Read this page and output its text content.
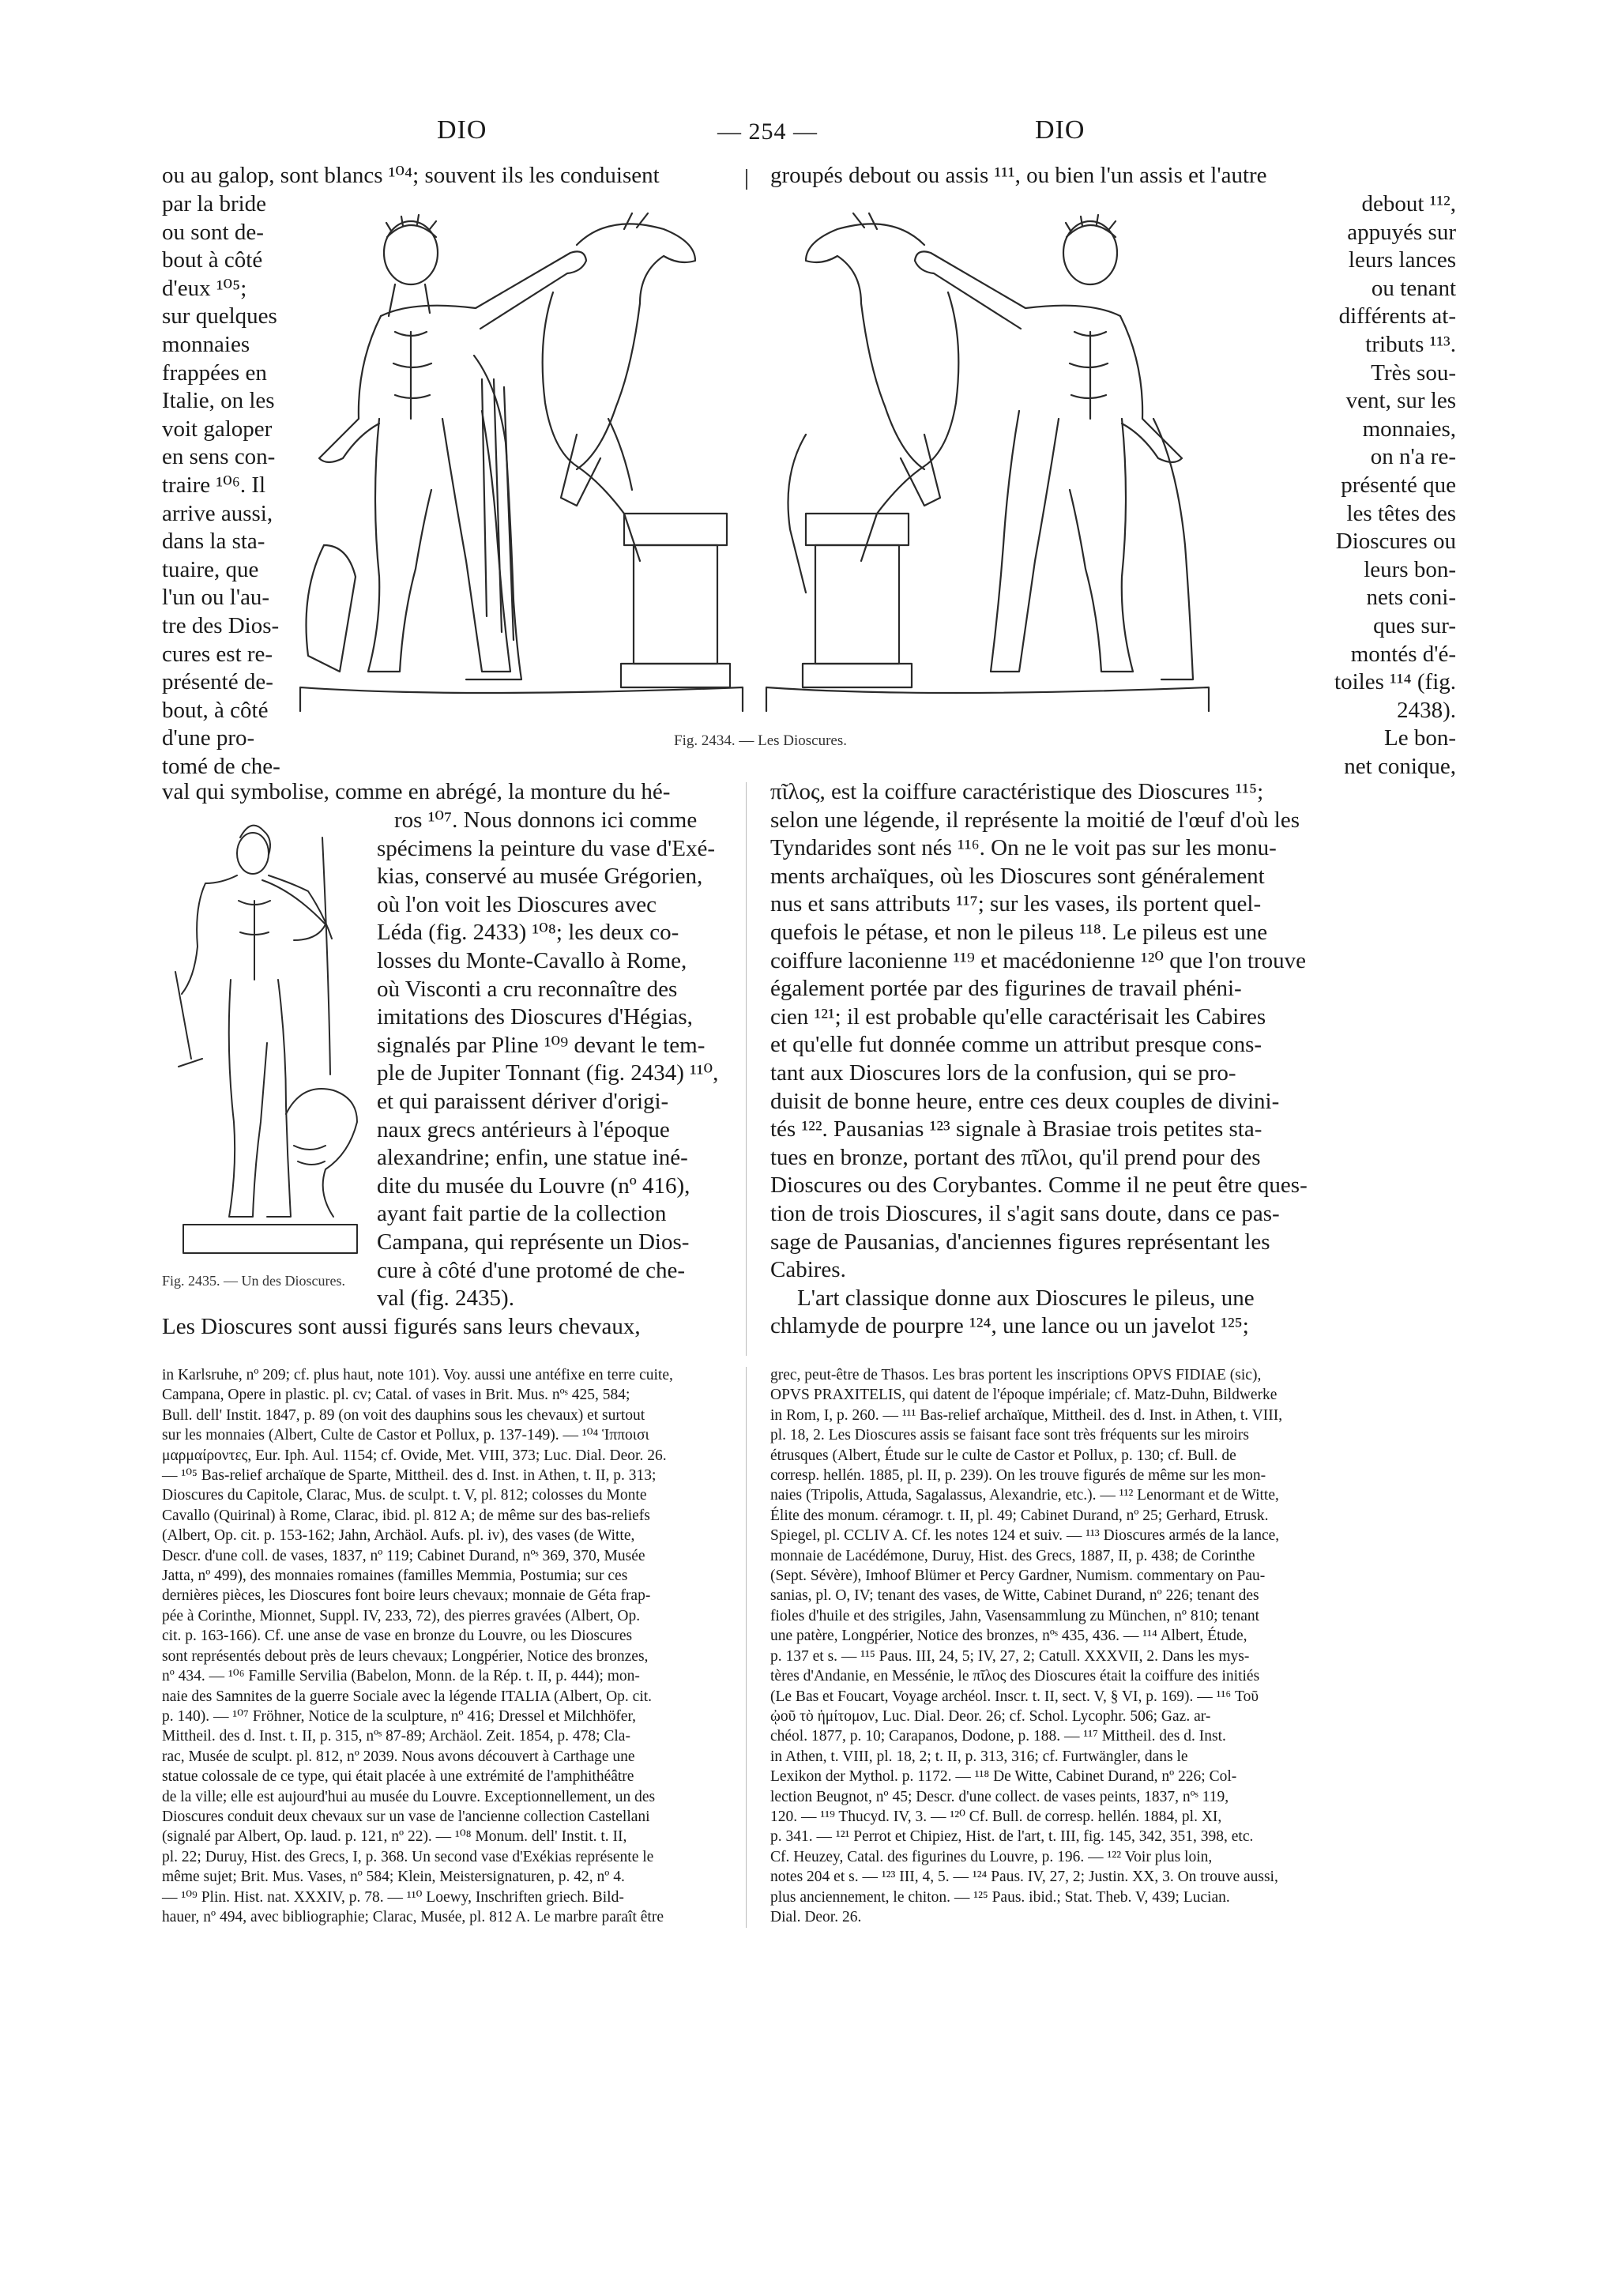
DIO	— 254 —	DIO
ou au galop, sont blancs ¹⁰⁴; souvent ils les conduisent	groupés debout ou assis ¹¹¹, ou bien l'un assis et l'autre
par la bride
ou sont de-
bout à côté
d'eux ¹⁰⁵;
sur quelques
monnaies
frappées en
Italie, on les
voit galoper
en sens con-
traire ¹⁰⁶. Il
arrive aussi,
dans la sta-
tuaire, que
l'un ou l'au-
tre des Dios-
cures est re-
présenté de-
bout, à côté
d'une pro-
tomé de che-
debout ¹¹²,
appuyés sur
leurs lances
ou tenant
différents at-
tributs ¹¹³.
Très sou-
vent, sur les
monnaies,
on n'a re-
présenté que
les têtes des
Dioscures ou
leurs bon-
nets coni-
ques sur-
montés d'é-
toiles ¹¹⁴ (fig.
2438).
Le bon-
net conique,
Fig. 2434. — Les Dioscures.
val qui symbolise, comme en abrégé, la monture du hé-
Fig. 2435. — Un des Dioscures.
ros ¹⁰⁷. Nous donnons ici comme
spécimens la peinture du vase d'Exé-
kias, conservé au musée Grégorien,
où l'on voit les Dioscures avec
Léda (fig. 2433) ¹⁰⁸; les deux co-
losses du Monte-Cavallo à Rome,
où Visconti a cru reconnaître des
imitations des Dioscures d'Hégias,
signalés par Pline ¹⁰⁹ devant le tem-
ple de Jupiter Tonnant (fig. 2434) ¹¹⁰,
et qui paraissent dériver d'origi-
naux grecs antérieurs à l'époque
alexandrine; enfin, une statue iné-
dite du musée du Louvre (nº 416),
ayant fait partie de la collection
Campana, qui représente un Dios-
cure à côté d'une protomé de che-
val (fig. 2435).
Les Dioscures sont aussi figurés sans leurs chevaux,
πῖλος, est la coiffure caractéristique des Dioscures ¹¹⁵;
selon une légende, il représente la moitié de l'œuf d'où les
Tyndarides sont nés ¹¹⁶. On ne le voit pas sur les monu-
ments archaïques, où les Dioscures sont généralement
nus et sans attributs ¹¹⁷; sur les vases, ils portent quel-
quefois le pétase, et non le pileus ¹¹⁸. Le pileus est une
coiffure laconienne ¹¹⁹ et macédonienne ¹²⁰ que l'on trouve
également portée par des figurines de travail phéni-
cien ¹²¹; il est probable qu'elle caractérisait les Cabires
et qu'elle fut donnée comme un attribut presque cons-
tant aux Dioscures lors de la confusion, qui se pro-
duisit de bonne heure, entre ces deux couples de divini-
tés ¹²². Pausanias ¹²³ signale à Brasiae trois petites sta-
tues en bronze, portant des πῖλοι, qu'il prend pour des
Dioscures ou des Corybantes. Comme il ne peut être ques-
tion de trois Dioscures, il s'agit sans doute, dans ce pas-
sage de Pausanias, d'anciennes figures représentant les
Cabires.
L'art classique donne aux Dioscures le pileus, une
chlamyde de pourpre ¹²⁴, une lance ou un javelot ¹²⁵;

in Karlsruhe, nº 209; cf. plus haut, note 101). Voy. aussi une antéfixe en terre cuite,

Campana, Opere in plastic. pl. cv; Catal. of vases in Brit. Mus. nºˢ 425, 584;

Bull. dell' Instit. 1847, p. 89 (on voit des dauphins sous les chevaux) et surtout

sur les monnaies (Albert, Culte de Castor et Pollux, p. 137-149). — ¹⁰⁴ Ἱπποισι

μαρμαίροντες, Eur. Iph. Aul. 1154; cf. Ovide, Met. VIII, 373; Luc. Dial. Deor. 26.

— ¹⁰⁵ Bas-relief archaïque de Sparte, Mittheil. des d. Inst. in Athen, t. II, p. 313;

Dioscures du Capitole, Clarac, Mus. de sculpt. t. V, pl. 812; colosses du Monte

Cavallo (Quirinal) à Rome, Clarac, ibid. pl. 812 A; de même sur des bas-reliefs

(Albert, Op. cit. p. 153-162; Jahn, Archäol. Aufs. pl. iv), des vases (de Witte,

Descr. d'une coll. de vases, 1837, nº 119; Cabinet Durand, nºˢ 369, 370, Musée

Jatta, nº 499), des monnaies romaines (familles Memmia, Postumia; sur ces

dernières pièces, les Dioscures font boire leurs chevaux; monnaie de Géta frap-

pée à Corinthe, Mionnet, Suppl. IV, 233, 72), des pierres gravées (Albert, Op.

cit. p. 163-166). Cf. une anse de vase en bronze du Louvre, ou les Dioscures

sont représentés debout près de leurs chevaux; Longpérier, Notice des bronzes,

nº 434. — ¹⁰⁶ Famille Servilia (Babelon, Monn. de la Rép. t. II, p. 444); mon-

naie des Samnites de la guerre Sociale avec la légende ITALIA (Albert, Op. cit.

p. 140). — ¹⁰⁷ Fröhner, Notice de la sculpture, nº 416; Dressel et Milchhöfer,

Mittheil. des d. Inst. t. II, p. 315, nºˢ 87-89; Archäol. Zeit. 1854, p. 478; Cla-

rac, Musée de sculpt. pl. 812, nº 2039. Nous avons découvert à Carthage une

statue colossale de ce type, qui était placée à une extrémité de l'amphithéâtre

de la ville; elle est aujourd'hui au musée du Louvre. Exceptionnellement, un des

Dioscures conduit deux chevaux sur un vase de l'ancienne collection Castellani

(signalé par Albert, Op. laud. p. 121, nº 22). — ¹⁰⁸ Monum. dell' Instit. t. II,

pl. 22; Duruy, Hist. des Grecs, I, p. 368. Un second vase d'Exékias représente le

même sujet; Brit. Mus. Vases, nº 584; Klein, Meistersignaturen, p. 42, nº 4.

— ¹⁰⁹ Plin. Hist. nat. XXXIV, p. 78. — ¹¹⁰ Loewy, Inschriften griech. Bild-

hauer, nº 494, avec bibliographie; Clarac, Musée, pl. 812 A. Le marbre paraît être

grec, peut-être de Thasos. Les bras portent les inscriptions OPVS FIDIAE (sic),

OPVS PRAXITELIS, qui datent de l'époque impériale; cf. Matz-Duhn, Bildwerke

in Rom, I, p. 260. — ¹¹¹ Bas-relief archaïque, Mittheil. des d. Inst. in Athen, t. VIII,

pl. 18, 2. Les Dioscures assis se faisant face sont très fréquents sur les miroirs

étrusques (Albert, Étude sur le culte de Castor et Pollux, p. 130; cf. Bull. de

corresp. hellén. 1885, pl. II, p. 239). On les trouve figurés de même sur les mon-

naies (Tripolis, Attuda, Sagalassus, Alexandrie, etc.). — ¹¹² Lenormant et de Witte,

Élite des monum. céramogr. t. II, pl. 49; Cabinet Durand, nº 25; Gerhard, Etrusk.

Spiegel, pl. CCLIV A. Cf. les notes 124 et suiv. — ¹¹³ Dioscures armés de la lance,

monnaie de Lacédémone, Duruy, Hist. des Grecs, 1887, II, p. 438; de Corinthe

(Sept. Sévère), Imhoof Blümer et Percy Gardner, Numism. commentary on Pau-

sanias, pl. O, IV; tenant des vases, de Witte, Cabinet Durand, nº 226; tenant des

fioles d'huile et des strigiles, Jahn, Vasensammlung zu München, nº 810; tenant

une patère, Longpérier, Notice des bronzes, nºˢ 435, 436. — ¹¹⁴ Albert, Étude,

p. 137 et s. — ¹¹⁵ Paus. III, 24, 5; IV, 27, 2; Catull. XXXVII, 2. Dans les mys-

tères d'Andanie, en Messénie, le πῖλος des Dioscures était la coiffure des initiés

(Le Bas et Foucart, Voyage archéol. Inscr. t. II, sect. V, § VI, p. 169). — ¹¹⁶ Τοῦ

ᾠοῦ τὸ ἡμίτομον, Luc. Dial. Deor. 26; cf. Schol. Lycophr. 506; Gaz. ar-

chéol. 1877, p. 10; Carapanos, Dodone, p. 188. — ¹¹⁷ Mittheil. des d. Inst.

in Athen, t. VIII, pl. 18, 2; t. II, p. 313, 316; cf. Furtwängler, dans le

Lexikon der Mythol. p. 1172. — ¹¹⁸ De Witte, Cabinet Durand, nº 226; Col-

lection Beugnot, nº 45; Descr. d'une collect. de vases peints, 1837, nºˢ 119,

120. — ¹¹⁹ Thucyd. IV, 3. — ¹²⁰ Cf. Bull. de corresp. hellén. 1884, pl. XI,

p. 341. — ¹²¹ Perrot et Chipiez, Hist. de l'art, t. III, fig. 145, 342, 351, 398, etc.

Cf. Heuzey, Catal. des figurines du Louvre, p. 196. — ¹²² Voir plus loin,

notes 204 et s. — ¹²³ III, 4, 5. — ¹²⁴ Paus. IV, 27, 2; Justin. XX, 3. On trouve aussi,

plus anciennement, le chiton. — ¹²⁵ Paus. ibid.; Stat. Theb. V, 439; Lucian.

Dial. Deor. 26.
